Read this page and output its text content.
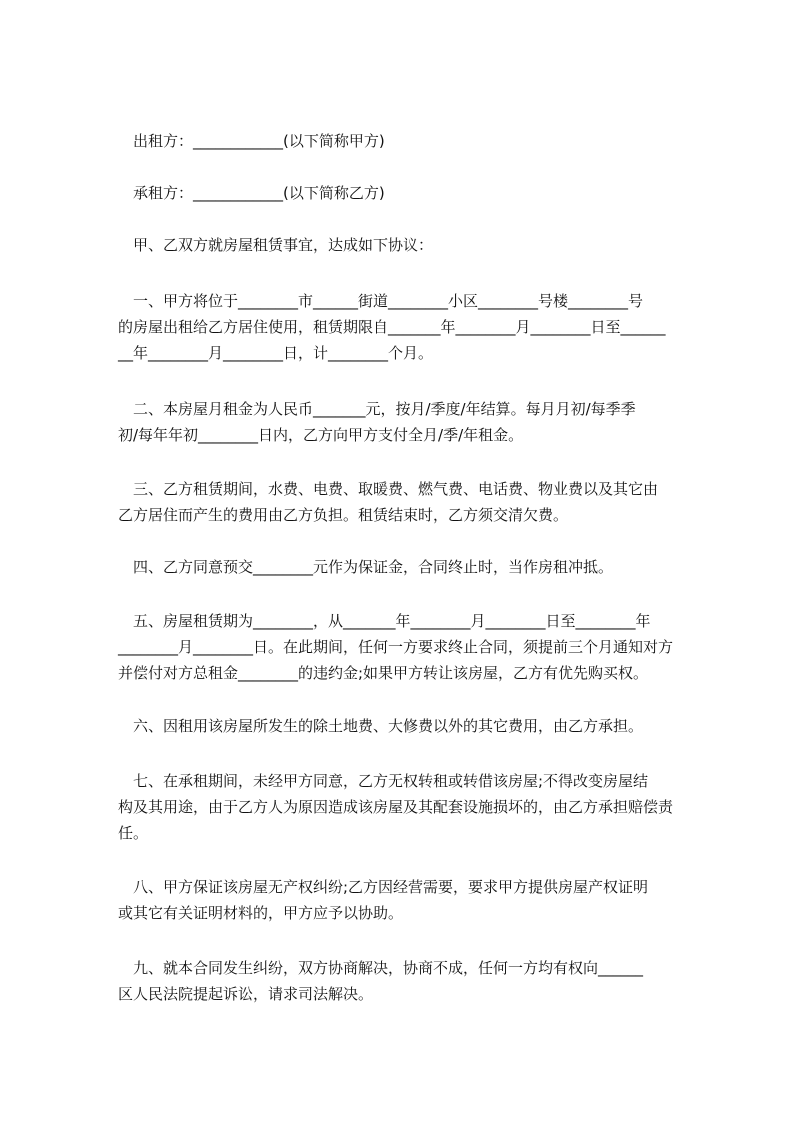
　　出租方：____________(以下简称甲方)
　　承租方：____________(以下简称乙方)
　　甲、乙双方就房屋租赁事宜，达成如下协议：
　　一、甲方将位于________市______街道________小区________号楼________号
　的房屋出租给乙方居住使用，租赁期限自_______年________月________日至______
　__年________月________日，计________个月。
　　二、本房屋月租金为人民币_______元，按月/季度/年结算。每月月初/每季季
　初/每年年初________日内，乙方向甲方支付全月/季/年租金。
　　三、乙方租赁期间，水费、电费、取暖费、燃气费、电话费、物业费以及其它由
　乙方居住而产生的费用由乙方负担。租赁结束时，乙方须交清欠费。
　　四、乙方同意预交________元作为保证金，合同终止时，当作房租冲抵。
　　五、房屋租赁期为________，从_______年________月________日至________年
　________月________日。在此期间，任何一方要求终止合同，须提前三个月通知对方
　并偿付对方总租金________的违约金;如果甲方转让该房屋，乙方有优先购买权。
　　六、因租用该房屋所发生的除土地费、大修费以外的其它费用，由乙方承担。
　　七、在承租期间，未经甲方同意，乙方无权转租或转借该房屋;不得改变房屋结
　构及其用途，由于乙方人为原因造成该房屋及其配套设施损坏的，由乙方承担赔偿责
　任。
　　八、甲方保证该房屋无产权纠纷;乙方因经营需要，要求甲方提供房屋产权证明
　或其它有关证明材料的，甲方应予以协助。
　　九、就本合同发生纠纷，双方协商解决，协商不成，任何一方均有权向______
　区人民法院提起诉讼，请求司法解决。
